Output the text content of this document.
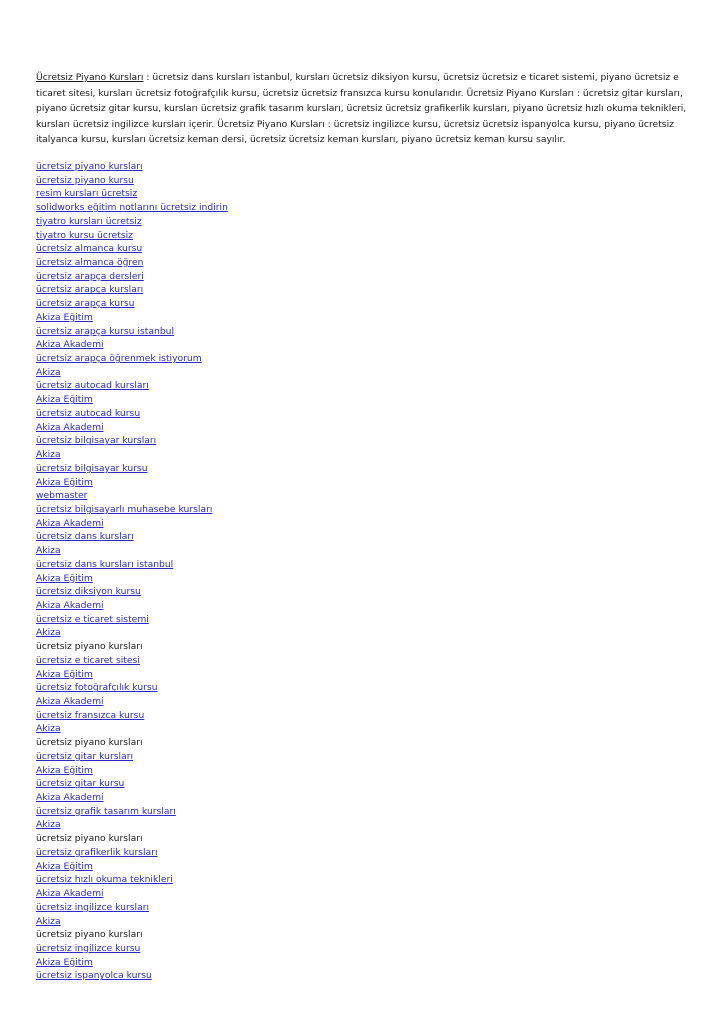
Ücretsiz Piyano Kursları : ücretsiz dans kursları istanbul, kursları ücretsiz diksiyon kursu, ücretsiz ücretsiz e ticaret sistemi, piyano ücretsiz e ticaret sitesi, kursları ücretsiz fotoğrafçılık kursu, ücretsiz ücretsiz fransızca kursu konularıdır. Ücretsiz Piyano Kursları : ücretsiz gitar kursları, piyano ücretsiz gitar kursu, kursları ücretsiz grafik tasarım kursları, ücretsiz ücretsiz grafikerlik kursları, piyano ücretsiz hızlı okuma teknikleri, kursları ücretsiz ingilizce kursları içerir. Ücretsiz Piyano Kursları : ücretsiz ingilizce kursu, ücretsiz ücretsiz ispanyolca kursu, piyano ücretsiz italyanca kursu, kursları ücretsiz keman dersi, ücretsiz ücretsiz keman kursları, piyano ücretsiz keman kursu sayılır.

ücretsiz piyano kursları
ücretsiz piyano kursu
resim kursları ücretsiz
solidworks eğitim notlarını ücretsiz indirin
tiyatro kursları ücretsiz
tiyatro kursu ücretsiz
ücretsiz almanca kursu
ücretsiz almanca öğren
ücretsiz arapça dersleri
ücretsiz arapça kursları
ücretsiz arapça kursu
Akiza Eğitim
ücretsiz arapça kursu istanbul
Akiza Akademi
ücretsiz arapça öğrenmek istiyorum
Akiza
ücretsiz autocad kursları
Akiza Eğitim
ücretsiz autocad kursu
Akiza Akademi
ücretsiz bilgisayar kursları
Akiza
ücretsiz bilgisayar kursu
Akiza Eğitim
webmaster
ücretsiz bilgisayarlı muhasebe kursları
Akiza Akademi
ücretsiz dans kursları
Akiza
ücretsiz dans kursları istanbul
Akiza Eğitim
ücretsiz diksiyon kursu
Akiza Akademi
ücretsiz e ticaret sistemi
Akiza
ücretsiz piyano kursları
ücretsiz e ticaret sitesi
Akiza Eğitim
ücretsiz fotoğrafçılık kursu
Akiza Akademi
ücretsiz fransızca kursu
Akiza
ücretsiz piyano kursları
ücretsiz gitar kursları
Akiza Eğitim
ücretsiz gitar kursu
Akiza Akademi
ücretsiz grafik tasarım kursları
Akiza
ücretsiz piyano kursları
ücretsiz grafikerlik kursları
Akiza Eğitim
ücretsiz hızlı okuma teknikleri
Akiza Akademi
ücretsiz ingilizce kursları
Akiza
ücretsiz piyano kursları
ücretsiz ingilizce kursu
Akiza Eğitim
ücretsiz ispanyolca kursu
